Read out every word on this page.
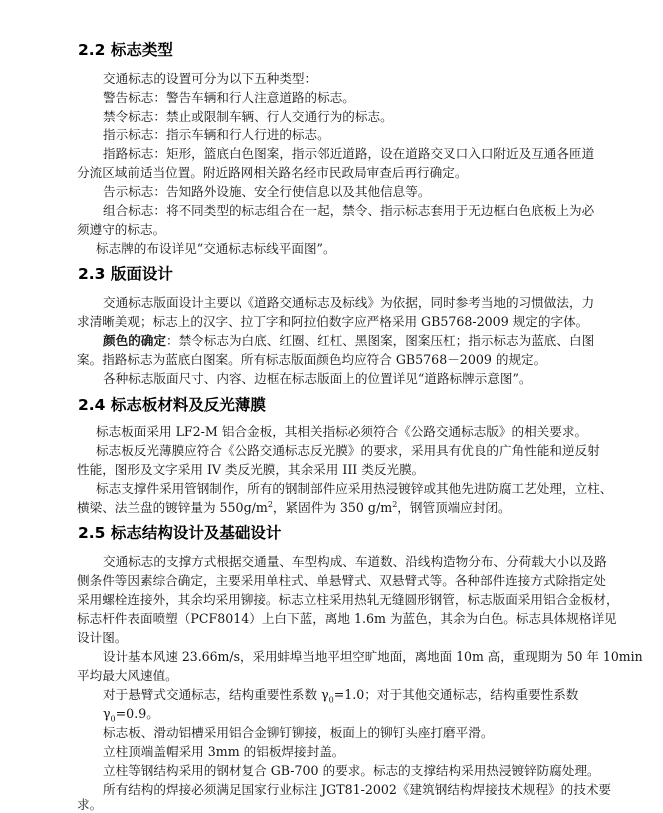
2.2 标志类型

交通标志的设置可分为以下五种类型：

警告标志：警告车辆和行人注意道路的标志。

禁令标志：禁止或限制车辆、行人交通行为的标志。

指示标志：指示车辆和行人行进的标志。

指路标志：矩形，篮底白色图案，指示邻近道路，设在道路交叉口入口附近及互通各匝道

分流区域前适当位置。附近路网相关路名经市民政局审查后再行确定。

告示标志：告知路外设施、安全行使信息以及其他信息等。

组合标志：将不同类型的标志组合在一起，禁令、指示标志套用于无边框白色底板上为必

须遵守的标志。

标志牌的布设详见“交通标志标线平面图”。

2.3 版面设计

交通标志版面设计主要以《道路交通标志及标线》为依据，同时参考当地的习惯做法，力

求清晰美观；标志上的汉字、拉丁字和阿拉伯数字应严格采用 GB5768-2009 规定的字体。

颜色的确定：禁令标志为白底、红圈、红杠、黑图案，图案压杠；指示标志为蓝底、白图

案。指路标志为蓝底白图案。所有标志版面颜色均应符合 GB5768－2009 的规定。

各种标志版面尺寸、内容、边框在标志版面上的位置详见“道路标牌示意图”。

2.4 标志板材料及反光薄膜

标志板面采用 LF2-M 铝合金板，其相关指标必须符合《公路交通标志版》的相关要求。

标志板反光薄膜应符合《公路交通标志反光膜》的要求，采用具有优良的广角性能和逆反射

性能，图形及文字采用 IV 类反光膜，其余采用 III 类反光膜。

标志支撑件采用管钢制作，所有的钢制部件应采用热浸镀锌或其他先进防腐工艺处理，立柱、

横梁、法兰盘的镀锌量为 $550g/m^2$，紧固件为 350 $g/m^2$，钢管顶端应封闭。

2.5 标志结构设计及基础设计

交通标志的支撑方式根据交通量、车型构成、车道数、沿线构造物分布、分荷载大小以及路

侧条件等因素综合确定，主要采用单柱式、单悬臂式、双悬臂式等。各种部件连接方式除指定处

采用螺栓连接外，其余均采用铆接。标志立柱采用热轧无缝圆形钢管，标志版面采用铝合金板材，

标志杆件表面喷塑（PCF8014）上白下蓝，离地 1.6m 为蓝色，其余为白色。标志具体规格详见

设计图。

设计基本风速 23.66m/s，采用蚌埠当地平坦空旷地面，离地面 10m 高，重现期为 50 年 10min

平均最大风速值。

对于悬臂式交通标志，结构重要性系数 $\gamma_0=1.0$；对于其他交通标志，结构重要性系数

$\gamma_0=0.9$。

标志板、滑动铝槽采用铝合金铆钉铆接，板面上的铆钉头座打磨平滑。

立柱顶端盖帽采用 3mm 的铝板焊接封盖。

立柱等钢结构采用的钢材复合 GB-700 的要求。标志的支撑结构采用热浸镀锌防腐处理。

所有结构的焊接必须满足国家行业标注 JGT81-2002《建筑钢结构焊接技术规程》的技术要

求。
